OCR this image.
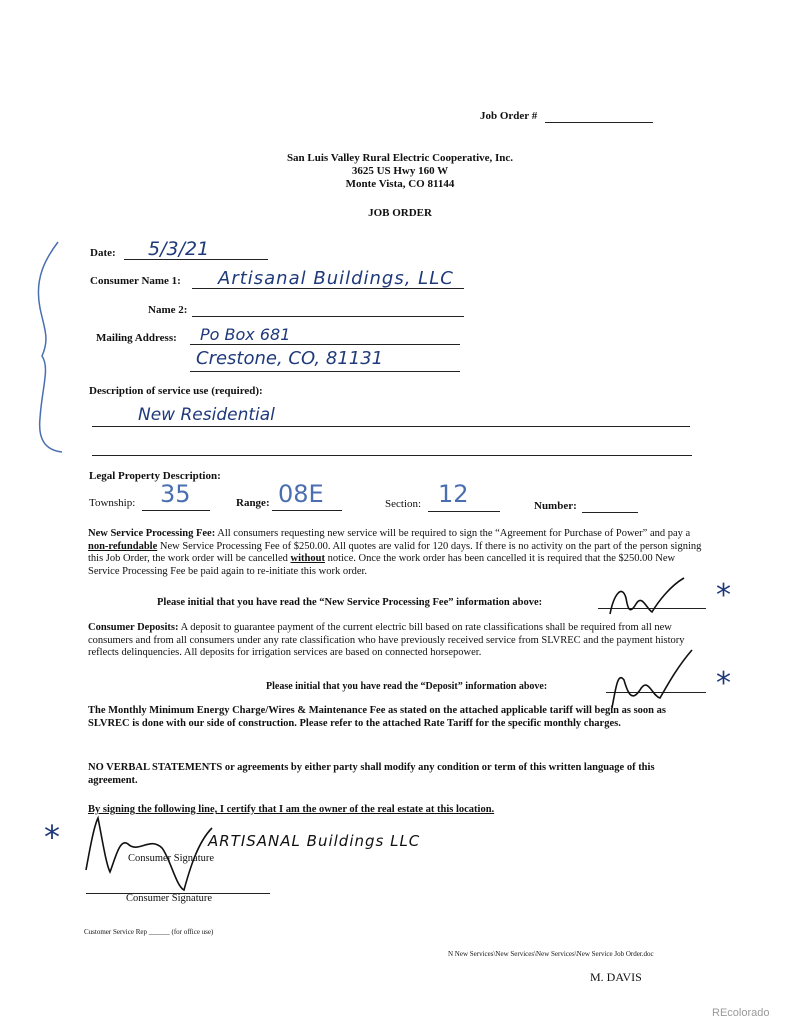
Job Order #
San Luis Valley Rural Electric Cooperative, Inc.
3625 US Hwy 160 W
Monte Vista, CO 81144
JOB ORDER
Date: 5/3/21
Consumer Name 1: Artisanal Buildings, LLC
Name 2:
Mailing Address: Po Box 681
Crestone, CO, 81131
Description of service use (required):
New Residential
Legal Property Description:
Township: 35	Range: 08E	Section: 12	Number:
New Service Processing Fee: All consumers requesting new service will be required to sign the “Agreement for Purchase of Power” and pay a non-refundable New Service Processing Fee of $250.00. All quotes are valid for 120 days. If there is no activity on the part of the person signing this Job Order, the work order will be cancelled without notice. Once the work order has been cancelled it is required that the $250.00 New Service Processing Fee be paid again to re-initiate this work order.
Please initial that you have read the “New Service Processing Fee” information above:	*
Consumer Deposits: A deposit to guarantee payment of the current electric bill based on rate classifications shall be required from all new consumers and from all consumers under any rate classification who have previously received service from SLVREC and the payment history reflects delinquencies. All deposits for irrigation services are based on connected horsepower.
Please initial that you have read the “Deposit” information above:	*
The Monthly Minimum Energy Charge/Wires & Maintenance Fee as stated on the attached applicable tariff will begin as soon as SLVREC is done with our side of construction. Please refer to the attached Rate Tariff for the specific monthly charges.
NO VERBAL STATEMENTS or agreements by either party shall modify any condition or term of this written language of this agreement.
By signing the following line, I certify that I am the owner of the real estate at this location.
*	ARTISANAL Buildings LLC
Consumer Signature
Consumer Signature
Customer Service Rep ______ (for office use)
N New Services\New Services\New Services\New Service Job Order.doc
M. DAVIS
REcolorado
